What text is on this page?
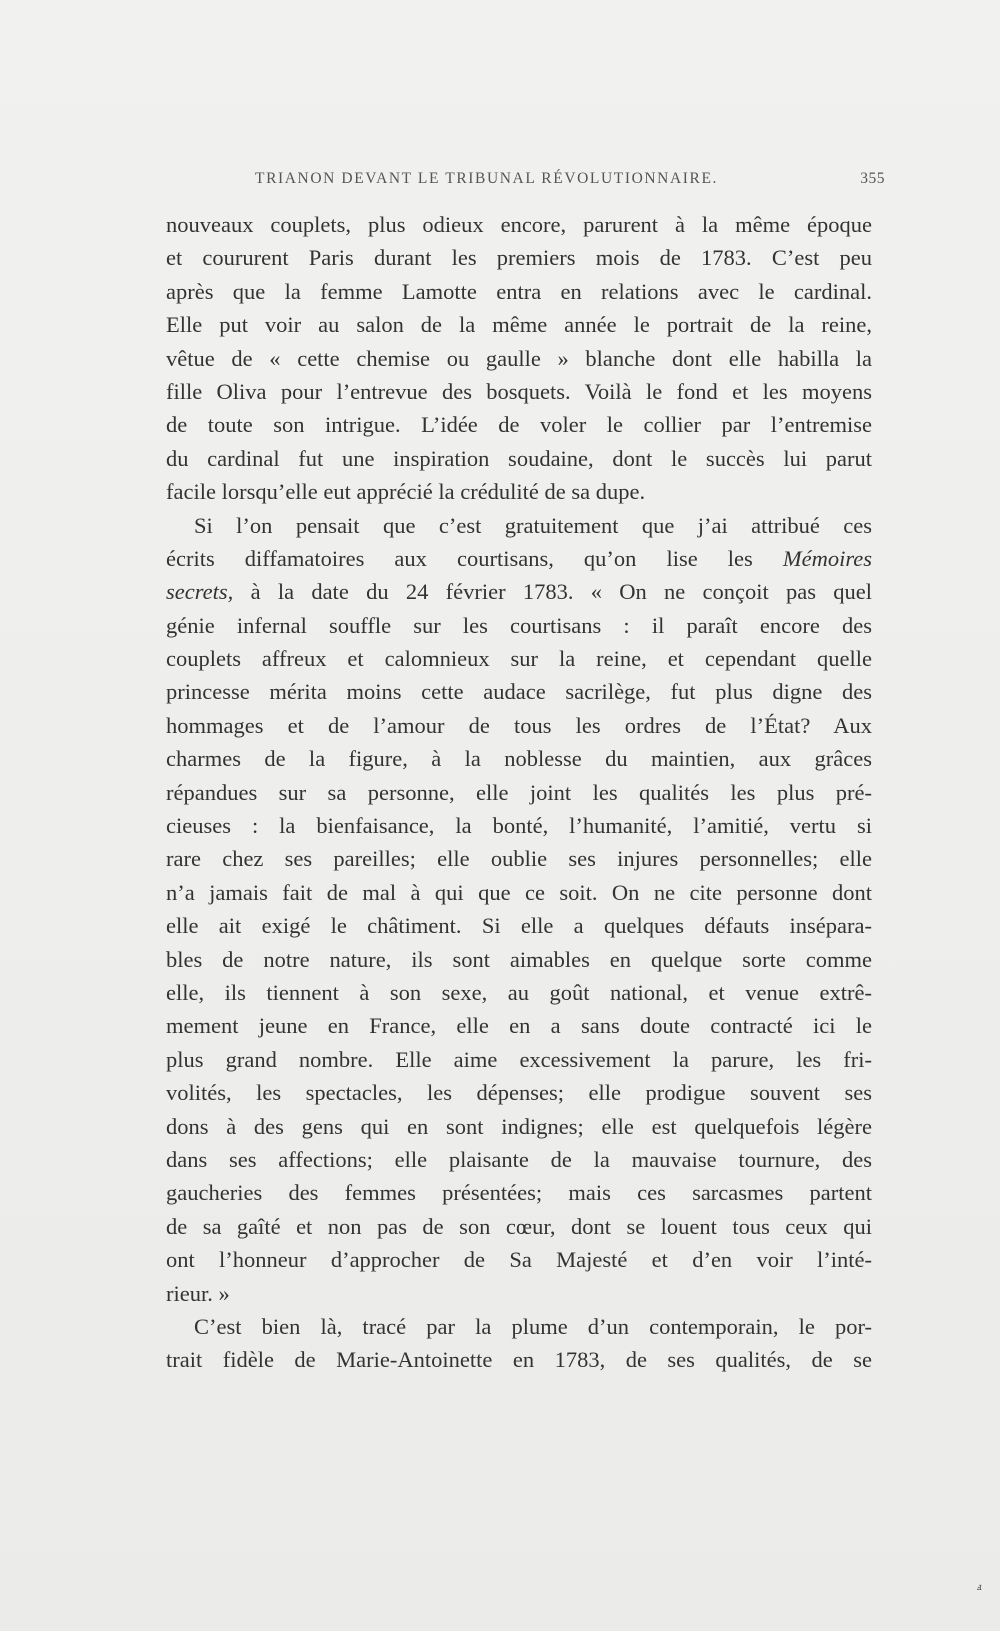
TRIANON DEVANT LE TRIBUNAL RÉVOLUTIONNAIRE.	355
nouveaux couplets, plus odieux encore, parurent à la même époque
et coururent Paris durant les premiers mois de 1783. C’est peu
après que la femme Lamotte entra en relations avec le cardinal.
Elle put voir au salon de la même année le portrait de la reine,
vêtue de « cette chemise ou gaulle » blanche dont elle habilla la
fille Oliva pour l’entrevue des bosquets. Voilà le fond et les moyens
de toute son intrigue. L’idée de voler le collier par l’entremise
du cardinal fut une inspiration soudaine, dont le succès lui parut
facile lorsqu’elle eut apprécié la crédulité de sa dupe.
Si l’on pensait que c’est gratuitement que j’ai attribué ces
écrits diffamatoires aux courtisans, qu’on lise les Mémoires
secrets, à la date du 24 février 1783. « On ne conçoit pas quel
génie infernal souffle sur les courtisans : il paraît encore des
couplets affreux et calomnieux sur la reine, et cependant quelle
princesse mérita moins cette audace sacrilège, fut plus digne des
hommages et de l’amour de tous les ordres de l’État? Aux
charmes de la figure, à la noblesse du maintien, aux grâces
répandues sur sa personne, elle joint les qualités les plus pré-
cieuses : la bienfaisance, la bonté, l’humanité, l’amitié, vertu si
rare chez ses pareilles; elle oublie ses injures personnelles; elle
n’a jamais fait de mal à qui que ce soit. On ne cite personne dont
elle ait exigé le châtiment. Si elle a quelques défauts insépara-
bles de notre nature, ils sont aimables en quelque sorte comme
elle, ils tiennent à son sexe, au goût national, et venue extrê-
mement jeune en France, elle en a sans doute contracté ici le
plus grand nombre. Elle aime excessivement la parure, les fri-
volités, les spectacles, les dépenses; elle prodigue souvent ses
dons à des gens qui en sont indignes; elle est quelquefois légère
dans ses affections; elle plaisante de la mauvaise tournure, des
gaucheries des femmes présentées; mais ces sarcasmes partent
de sa gaîté et non pas de son cœur, dont se louent tous ceux qui
ont l’honneur d’approcher de Sa Majesté et d’en voir l’inté-
rieur. »
C’est bien là, tracé par la plume d’un contemporain, le por-
trait fidèle de Marie-Antoinette en 1783, de ses qualités, de se
ⅎ
